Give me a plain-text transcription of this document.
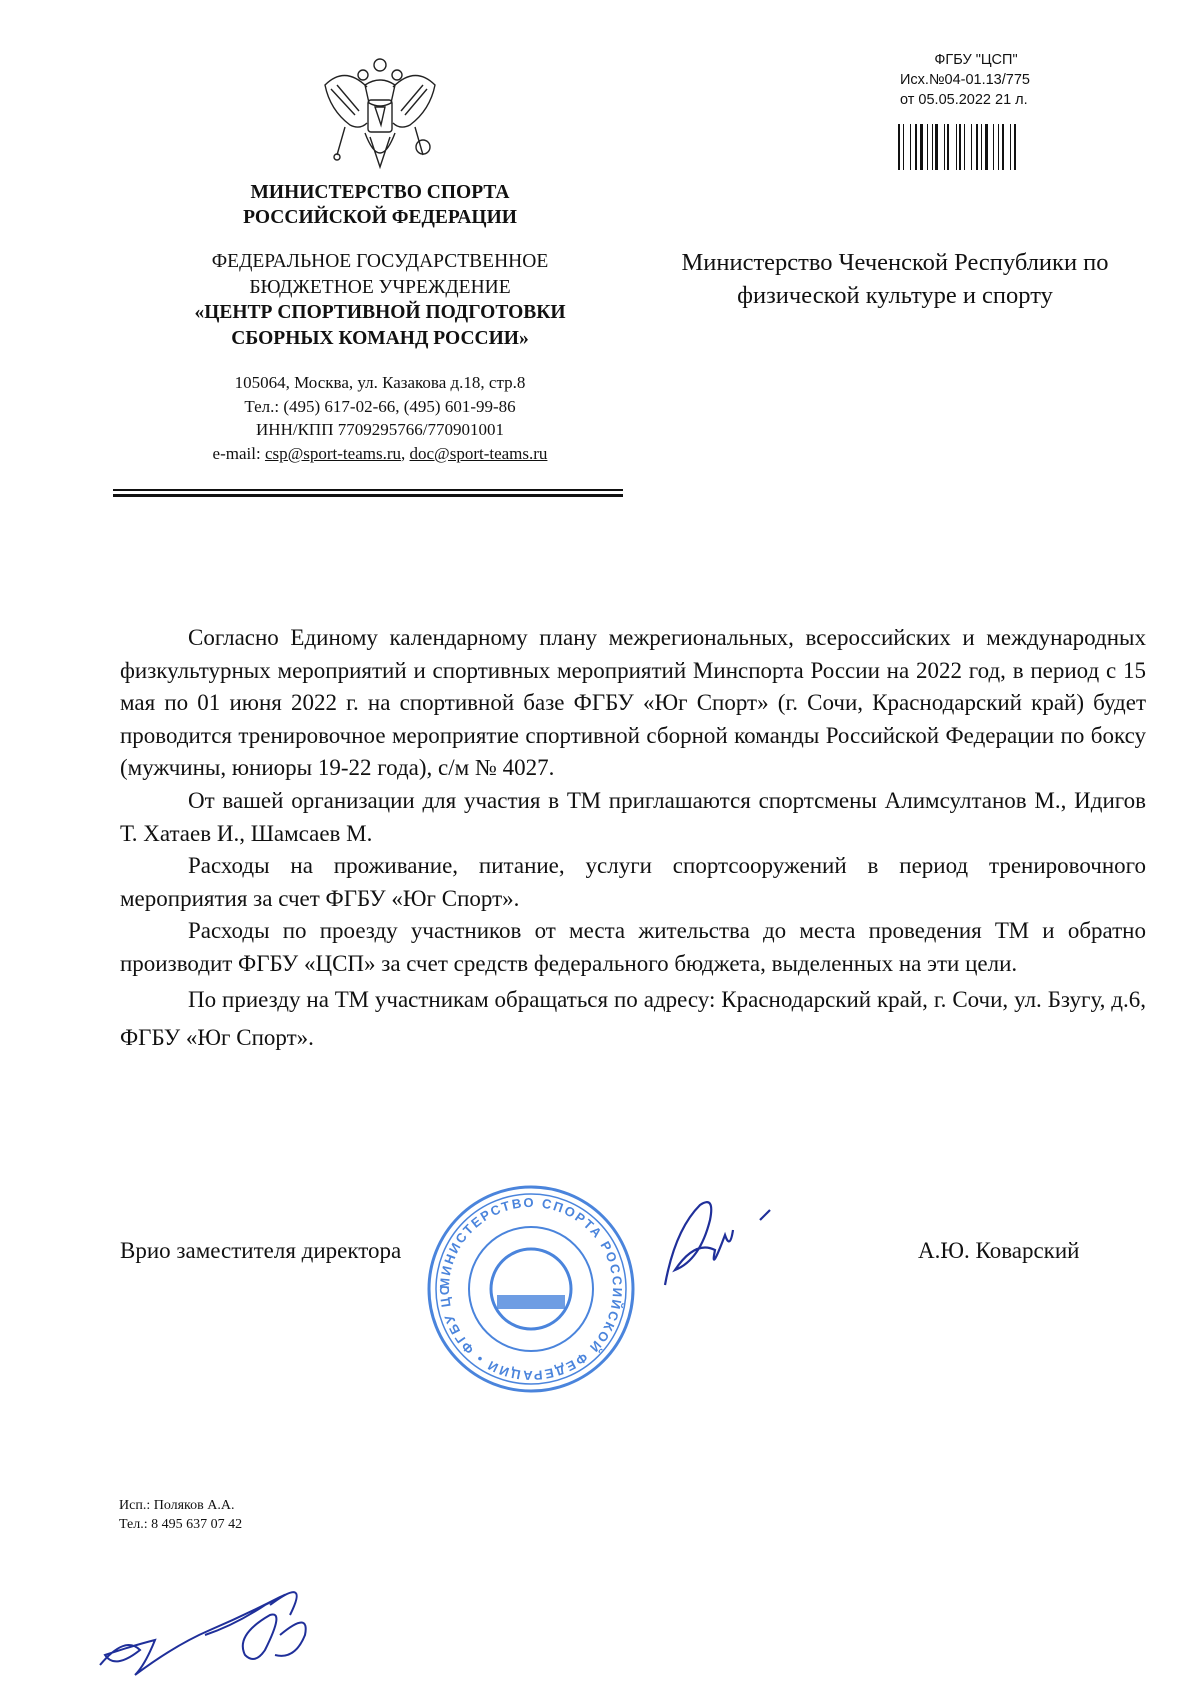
МИНИСТЕРСТВО СПОРТА
РОССИЙСКОЙ ФЕДЕРАЦИИ
ФЕДЕРАЛЬНОЕ ГОСУДАРСТВЕННОЕ
БЮДЖЕТНОЕ УЧРЕЖДЕНИЕ
«ЦЕНТР СПОРТИВНОЙ ПОДГОТОВКИ
СБОРНЫХ КОМАНД РОССИИ»
105064, Москва, ул. Казакова д.18, стр.8
Тел.: (495) 617-02-66, (495) 601-99-86
ИНН/КПП 7709295766/770901001
e-mail: csp@sport-teams.ru, doc@sport-teams.ru
ФГБУ "ЦСП"
Исх.№04-01.13/775
от 05.05.2022 21 л.
Министерство Чеченской Республики по
физической культуре и спорту

Согласно Единому календарному плану межрегиональных, всероссийских и международных физкультурных мероприятий и спортивных мероприятий Минспорта России на 2022 год, в период с 15 мая по 01 июня 2022 г. на спортивной базе ФГБУ «Юг Спорт» (г. Сочи, Краснодарский край) будет проводится тренировочное мероприятие спортивной сборной команды Российской Федерации по боксу (мужчины, юниоры 19-22 года), с/м № 4027.

От вашей организации для участия в ТМ приглашаются спортсмены Алимсултанов М., Идигов Т. Хатаев И., Шамсаев М.

Расходы на проживание, питание, услуги спортсооружений в период тренировочного мероприятия за счет ФГБУ «Юг Спорт».

Расходы по проезду участников от места жительства до места проведения ТМ и обратно производит ФГБУ «ЦСП» за счет средств федерального бюджета, выделенных на эти цели.

По приезду на ТМ участникам обращаться по адресу: Краснодарский край, г. Сочи, ул. Бзугу, д.6, ФГБУ «Юг Спорт».

Врио заместителя директора	А.Ю. Коварский
МИНИСТЕРСТВО СПОРТА РОССИЙСКОЙ ФЕДЕРАЦИИ • ФГБУ ЦС
Исп.: Поляков А.А.
Тел.: 8 495 637 07 42
